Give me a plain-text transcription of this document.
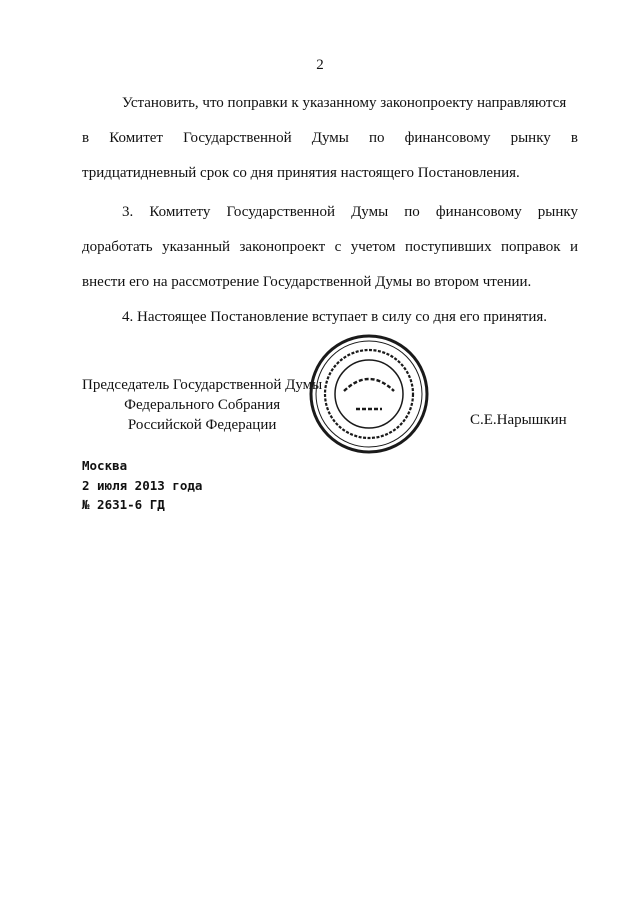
2
Установить, что поправки к указанному законопроекту направляются
в Комитет Государственной Думы по финансовому рынку в
тридцатидневный срок со дня принятия настоящего Постановления.
3. Комитету Государственной Думы по финансовому рынку
доработать указанный законопроект с учетом поступивших поправок и
внести его на рассмотрение Государственной Думы во втором чтении.
4. Настоящее Постановление вступает в силу со дня его принятия.
Председатель Государственной Думы
Федерального Собрания
Российской Федерации	С.Е.Нарышкин
Москва
2 июля 2013 года
№ 2631-6 ГД
